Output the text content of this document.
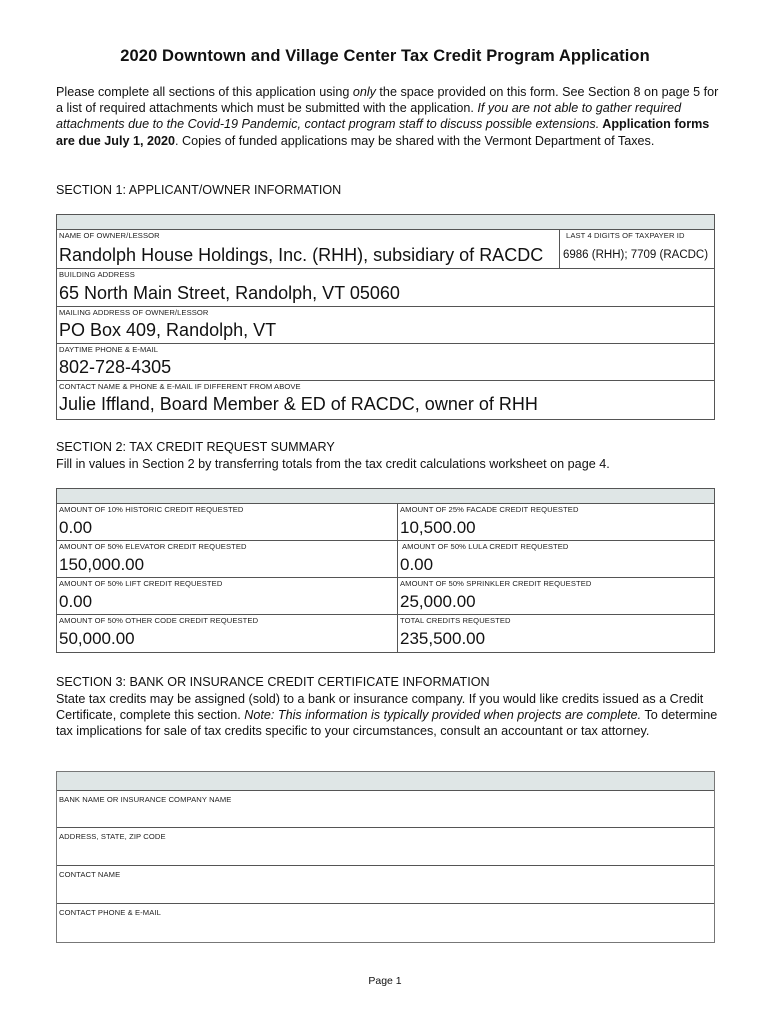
2020 Downtown and Village Center Tax Credit Program Application
Please complete all sections of this application using only the space provided on this form. See Section 8 on page 5 for a list of required attachments which must be submitted with the application. If you are not able to gather required attachments due to the Covid-19 Pandemic, contact program staff to discuss possible extensions. Application forms are due July 1, 2020. Copies of funded applications may be shared with the Vermont Department of Taxes.
SECTION 1: APPLICANT/OWNER INFORMATION
NAME OF OWNER/LESSOR
Randolph House Holdings, Inc. (RHH), subsidiary of RACDC
LAST 4 DIGITS OF TAXPAYER ID
6986 (RHH); 7709 (RACDC)
BUILDING ADDRESS
65 North Main Street, Randolph, VT 05060
MAILING ADDRESS OF OWNER/LESSOR
PO Box 409, Randolph, VT
DAYTIME PHONE & E-MAIL
802-728-4305
CONTACT NAME & PHONE & E-MAIL IF DIFFERENT FROM ABOVE
Julie Iffland, Board Member & ED of RACDC, owner of RHH
SECTION 2: TAX CREDIT REQUEST SUMMARY
Fill in values in Section 2 by transferring totals from the tax credit calculations worksheet on page 4.
AMOUNT OF 10% HISTORIC CREDIT REQUESTED
0.00
AMOUNT OF 25% FACADE CREDIT REQUESTED
10,500.00
AMOUNT OF 50% ELEVATOR CREDIT REQUESTED
150,000.00
AMOUNT OF 50% LULA CREDIT REQUESTED
0.00
AMOUNT OF 50% LIFT CREDIT REQUESTED
0.00
AMOUNT OF 50% SPRINKLER CREDIT REQUESTED
25,000.00
AMOUNT OF 50% OTHER CODE CREDIT REQUESTED
50,000.00
TOTAL CREDITS REQUESTED
235,500.00
SECTION 3: BANK OR INSURANCE CREDIT CERTIFICATE INFORMATION
State tax credits may be assigned (sold) to a bank or insurance company. If you would like credits issued as a Credit Certificate, complete this section. Note: This information is typically provided when projects are complete. To determine tax implications for sale of tax credits specific to your circumstances, consult an accountant or tax attorney.
BANK NAME OR INSURANCE COMPANY NAME
ADDRESS, STATE, ZIP CODE
CONTACT NAME
CONTACT PHONE & E-MAIL
Page 1
